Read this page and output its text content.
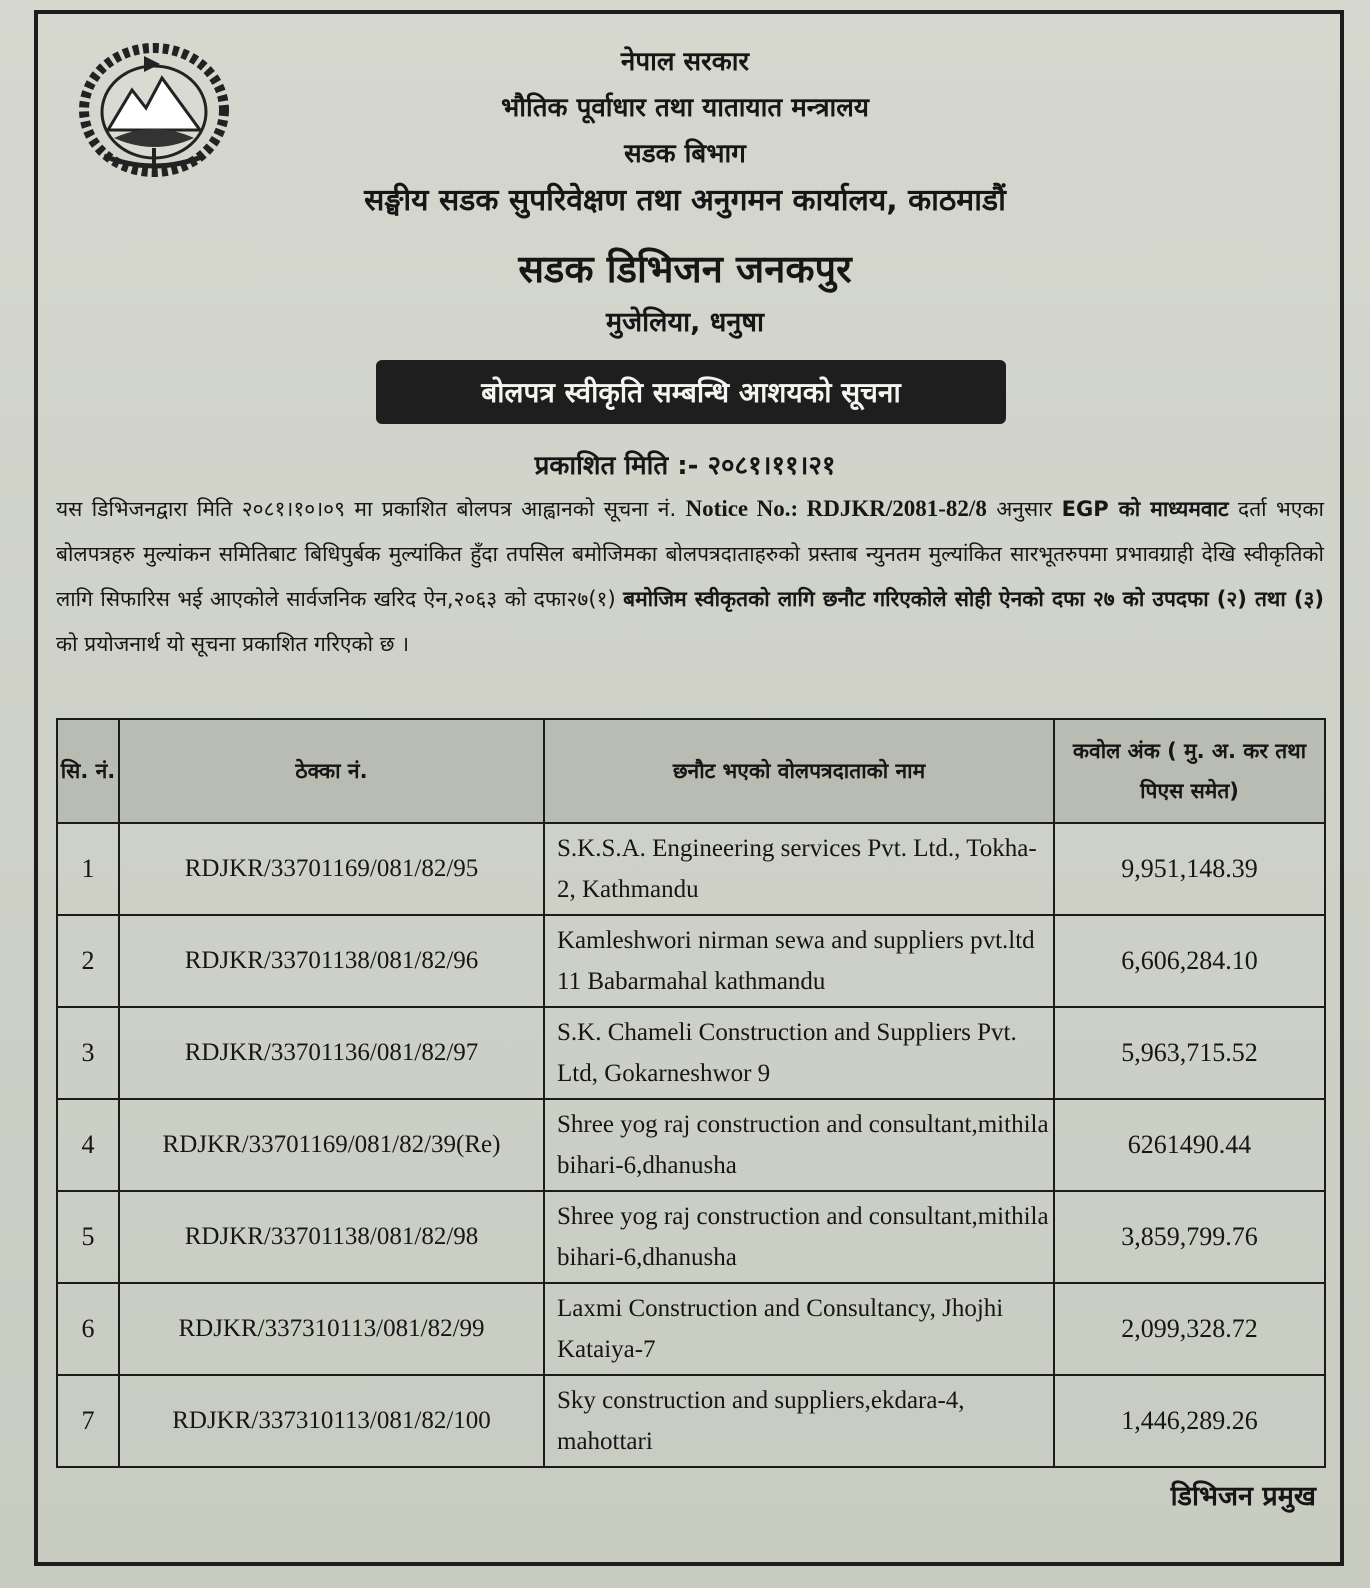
नेपाल सरकार
भौतिक पूर्वाधार तथा यातायात मन्त्रालय
सडक बिभाग
सङ्घीय सडक सुपरिवेक्षण तथा अनुगमन कार्यालय, काठमाडौं
सडक डिभिजन जनकपुर
मुजेलिया, धनुषा
बोलपत्र स्वीकृति सम्बन्धि आशयको सूचना
प्रकाशित मिति :- २०८१।११।२१
यस डिभिजनद्वारा मिति २०८१।१०।०९ मा प्रकाशित बोलपत्र आह्वानको सूचना नं. Notice No.: RDJKR/2081-82/8 अनुसार EGP को माध्यमवाट दर्ता भएका बोलपत्रहरु मुल्यांकन समितिबाट बिधिपुर्बक मुल्यांकित हुँदा तपसिल बमोजिमका बोलपत्रदाताहरुको प्रस्ताब न्युनतम मुल्यांकित सारभूतरुपमा प्रभावग्राही देखि स्वीकृतिको लागि सिफारिस भई आएकोले सार्वजनिक खरिद ऐन,२०६३ को दफा२७(१) बमोजिम स्वीकृतको लागि छनौट गरिएकोले सोही ऐनको दफा २७ को उपदफा (२) तथा (३) को प्रयोजनार्थ यो सूचना प्रकाशित गरिएको छ ।
सि. नं.	ठेक्का नं.	छनौट भएको वोलपत्रदाताको नाम	कवोल अंक ( मु. अ. कर तथा पिएस समेत)
1	RDJKR/33701169/081/82/95	S.K.S.A. Engineering services Pvt. Ltd., Tokha-2, Kathmandu	9,951,148.39
2	RDJKR/33701138/081/82/96	Kamleshwori nirman sewa and suppliers pvt.ltd 11 Babarmahal kathmandu	6,606,284.10
3	RDJKR/33701136/081/82/97	S.K. Chameli Construction and Suppliers Pvt. Ltd, Gokarneshwor 9	5,963,715.52
4	RDJKR/33701169/081/82/39(Re)	Shree yog raj construction and consultant,mithila bihari-6,dhanusha	6261490.44
5	RDJKR/33701138/081/82/98	Shree yog raj construction and consultant,mithila bihari-6,dhanusha	3,859,799.76
6	RDJKR/337310113/081/82/99	Laxmi Construction and Consultancy, Jhojhi Kataiya-7	2,099,328.72
7	RDJKR/337310113/081/82/100	Sky construction and suppliers,ekdara-4, mahottari	1,446,289.26
डिभिजन प्रमुख
